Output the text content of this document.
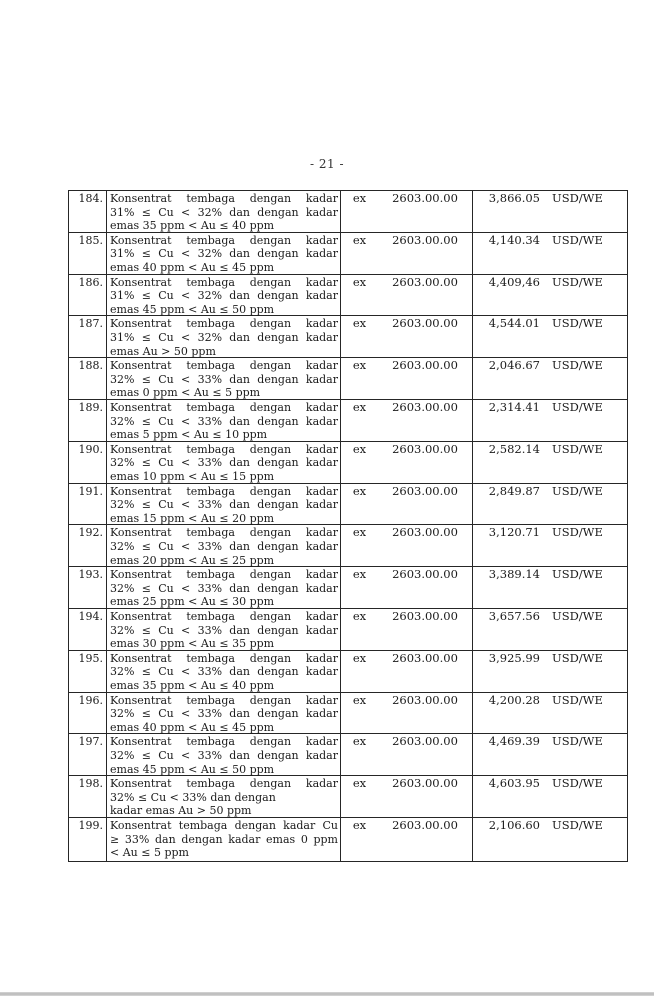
- 21 -
184. Konsentrat tembaga dengan kadar
31% ≤ Cu < 32% dan dengan kadar
emas 35 ppm < Au ≤ 40 ppm
ex	2603.00.00	3,866.05	USD/WE
185. Konsentrat tembaga dengan kadar
31% ≤ Cu < 32% dan dengan kadar
emas 40 ppm < Au ≤ 45 ppm
ex	2603.00.00	4,140.34	USD/WE
186. Konsentrat tembaga dengan kadar
31% ≤ Cu < 32% dan dengan kadar
emas 45 ppm < Au ≤ 50 ppm
ex	2603.00.00	4,409,46	USD/WE
187. Konsentrat tembaga dengan kadar
31% ≤ Cu < 32% dan dengan kadar
emas Au > 50 ppm
ex	2603.00.00	4,544.01	USD/WE
188. Konsentrat tembaga dengan kadar
32% ≤ Cu < 33% dan dengan kadar
emas 0 ppm < Au ≤ 5 ppm
ex	2603.00.00	2,046.67	USD/WE
189. Konsentrat tembaga dengan kadar
32% ≤ Cu < 33% dan dengan kadar
emas 5 ppm < Au ≤ 10 ppm
ex	2603.00.00	2,314.41	USD/WE
190. Konsentrat tembaga dengan kadar
32% ≤ Cu < 33% dan dengan kadar
emas 10 ppm < Au ≤ 15 ppm
ex	2603.00.00	2,582.14	USD/WE
191. Konsentrat tembaga dengan kadar
32% ≤ Cu < 33% dan dengan kadar
emas 15 ppm < Au ≤ 20 ppm
ex	2603.00.00	2,849.87	USD/WE
192. Konsentrat tembaga dengan kadar
32% ≤ Cu < 33% dan dengan kadar
emas 20 ppm < Au ≤ 25 ppm
ex	2603.00.00	3,120.71	USD/WE
193. Konsentrat tembaga dengan kadar
32% ≤ Cu < 33% dan dengan kadar
emas 25 ppm < Au ≤ 30 ppm
ex	2603.00.00	3,389.14	USD/WE
194. Konsentrat tembaga dengan kadar
32% ≤ Cu < 33% dan dengan kadar
emas 30 ppm < Au ≤ 35 ppm
ex	2603.00.00	3,657.56	USD/WE
195. Konsentrat tembaga dengan kadar
32% ≤ Cu < 33% dan dengan kadar
emas 35 ppm < Au ≤ 40 ppm
ex	2603.00.00	3,925.99	USD/WE
196. Konsentrat tembaga dengan kadar
32% ≤ Cu < 33% dan dengan kadar
emas 40 ppm < Au ≤ 45 ppm
ex	2603.00.00	4,200.28	USD/WE
197. Konsentrat tembaga dengan kadar
32% ≤ Cu < 33% dan dengan kadar
emas 45 ppm < Au ≤ 50 ppm
ex	2603.00.00	4,469.39	USD/WE
198. Konsentrat tembaga dengan kadar
32% ≤ Cu < 33% dan dengan
kadar emas Au > 50 ppm
ex	2603.00.00	4,603.95	USD/WE
199. Konsentrat tembaga dengan kadar Cu
≥ 33% dan dengan kadar emas 0 ppm
< Au ≤ 5 ppm
ex	2603.00.00	2,106.60	USD/WE
